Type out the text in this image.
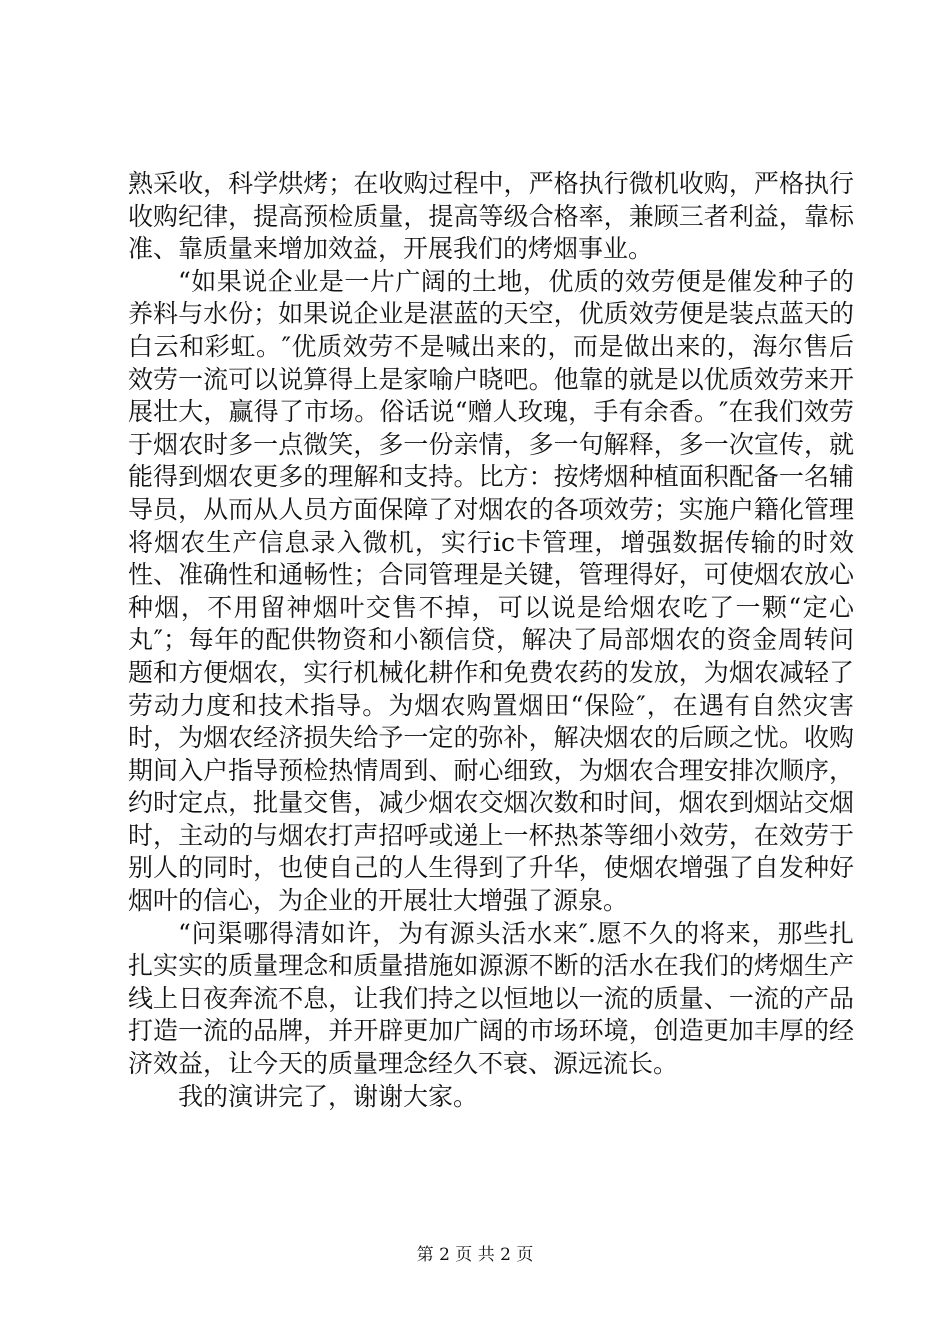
熟采收，科学烘烤；在收购过程中，严格执行微机收购，严格执行收购纪律，提高预检质量，提高等级合格率，兼顾三者利益，靠标准、靠质量来增加效益，开展我们的烤烟事业。

“如果说企业是一片广阔的土地，优质的效劳便是催发种子的养料与水份；如果说企业是湛蓝的天空，优质效劳便是装点蓝天的白云和彩虹。″优质效劳不是喊出来的，而是做出来的，海尔售后效劳一流可以说算得上是家喻户晓吧。他靠的就是以优质效劳来开展壮大，赢得了市场。俗话说“赠人玫瑰，手有余香。″在我们效劳于烟农时多一点微笑，多一份亲情，多一句解释，多一次宣传，就能得到烟农更多的理解和支持。比方：按烤烟种植面积配备一名辅导员，从而从人员方面保障了对烟农的各项效劳；实施户籍化管理将烟农生产信息录入微机，实行ic卡管理，增强数据传输的时效性、准确性和通畅性；合同管理是关键，管理得好，可使烟农放心种烟，不用留神烟叶交售不掉，可以说是给烟农吃了一颗“定心丸″；每年的配供物资和小额信贷，解决了局部烟农的资金周转问题和方便烟农，实行机械化耕作和免费农药的发放，为烟农减轻了劳动力度和技术指导。为烟农购置烟田“保险″，在遇有自然灾害时，为烟农经济损失给予一定的弥补，解决烟农的后顾之忧。收购期间入户指导预检热情周到、耐心细致，为烟农合理安排次顺序，约时定点，批量交售，减少烟农交烟次数和时间，烟农到烟站交烟时，主动的与烟农打声招呼或递上一杯热茶等细小效劳，在效劳于别人的同时，也使自己的人生得到了升华，使烟农增强了自发种好烟叶的信心，为企业的开展壮大增强了源泉。

“问渠哪得清如许，为有源头活水来″.愿不久的将来，那些扎扎实实的质量理念和质量措施如源源不断的活水在我们的烤烟生产线上日夜奔流不息，让我们持之以恒地以一流的质量、一流的产品打造一流的品牌，并开辟更加广阔的市场环境，创造更加丰厚的经济效益，让今天的质量理念经久不衰、源远流长。

我的演讲完了，谢谢大家。

第 2 页 共 2 页
